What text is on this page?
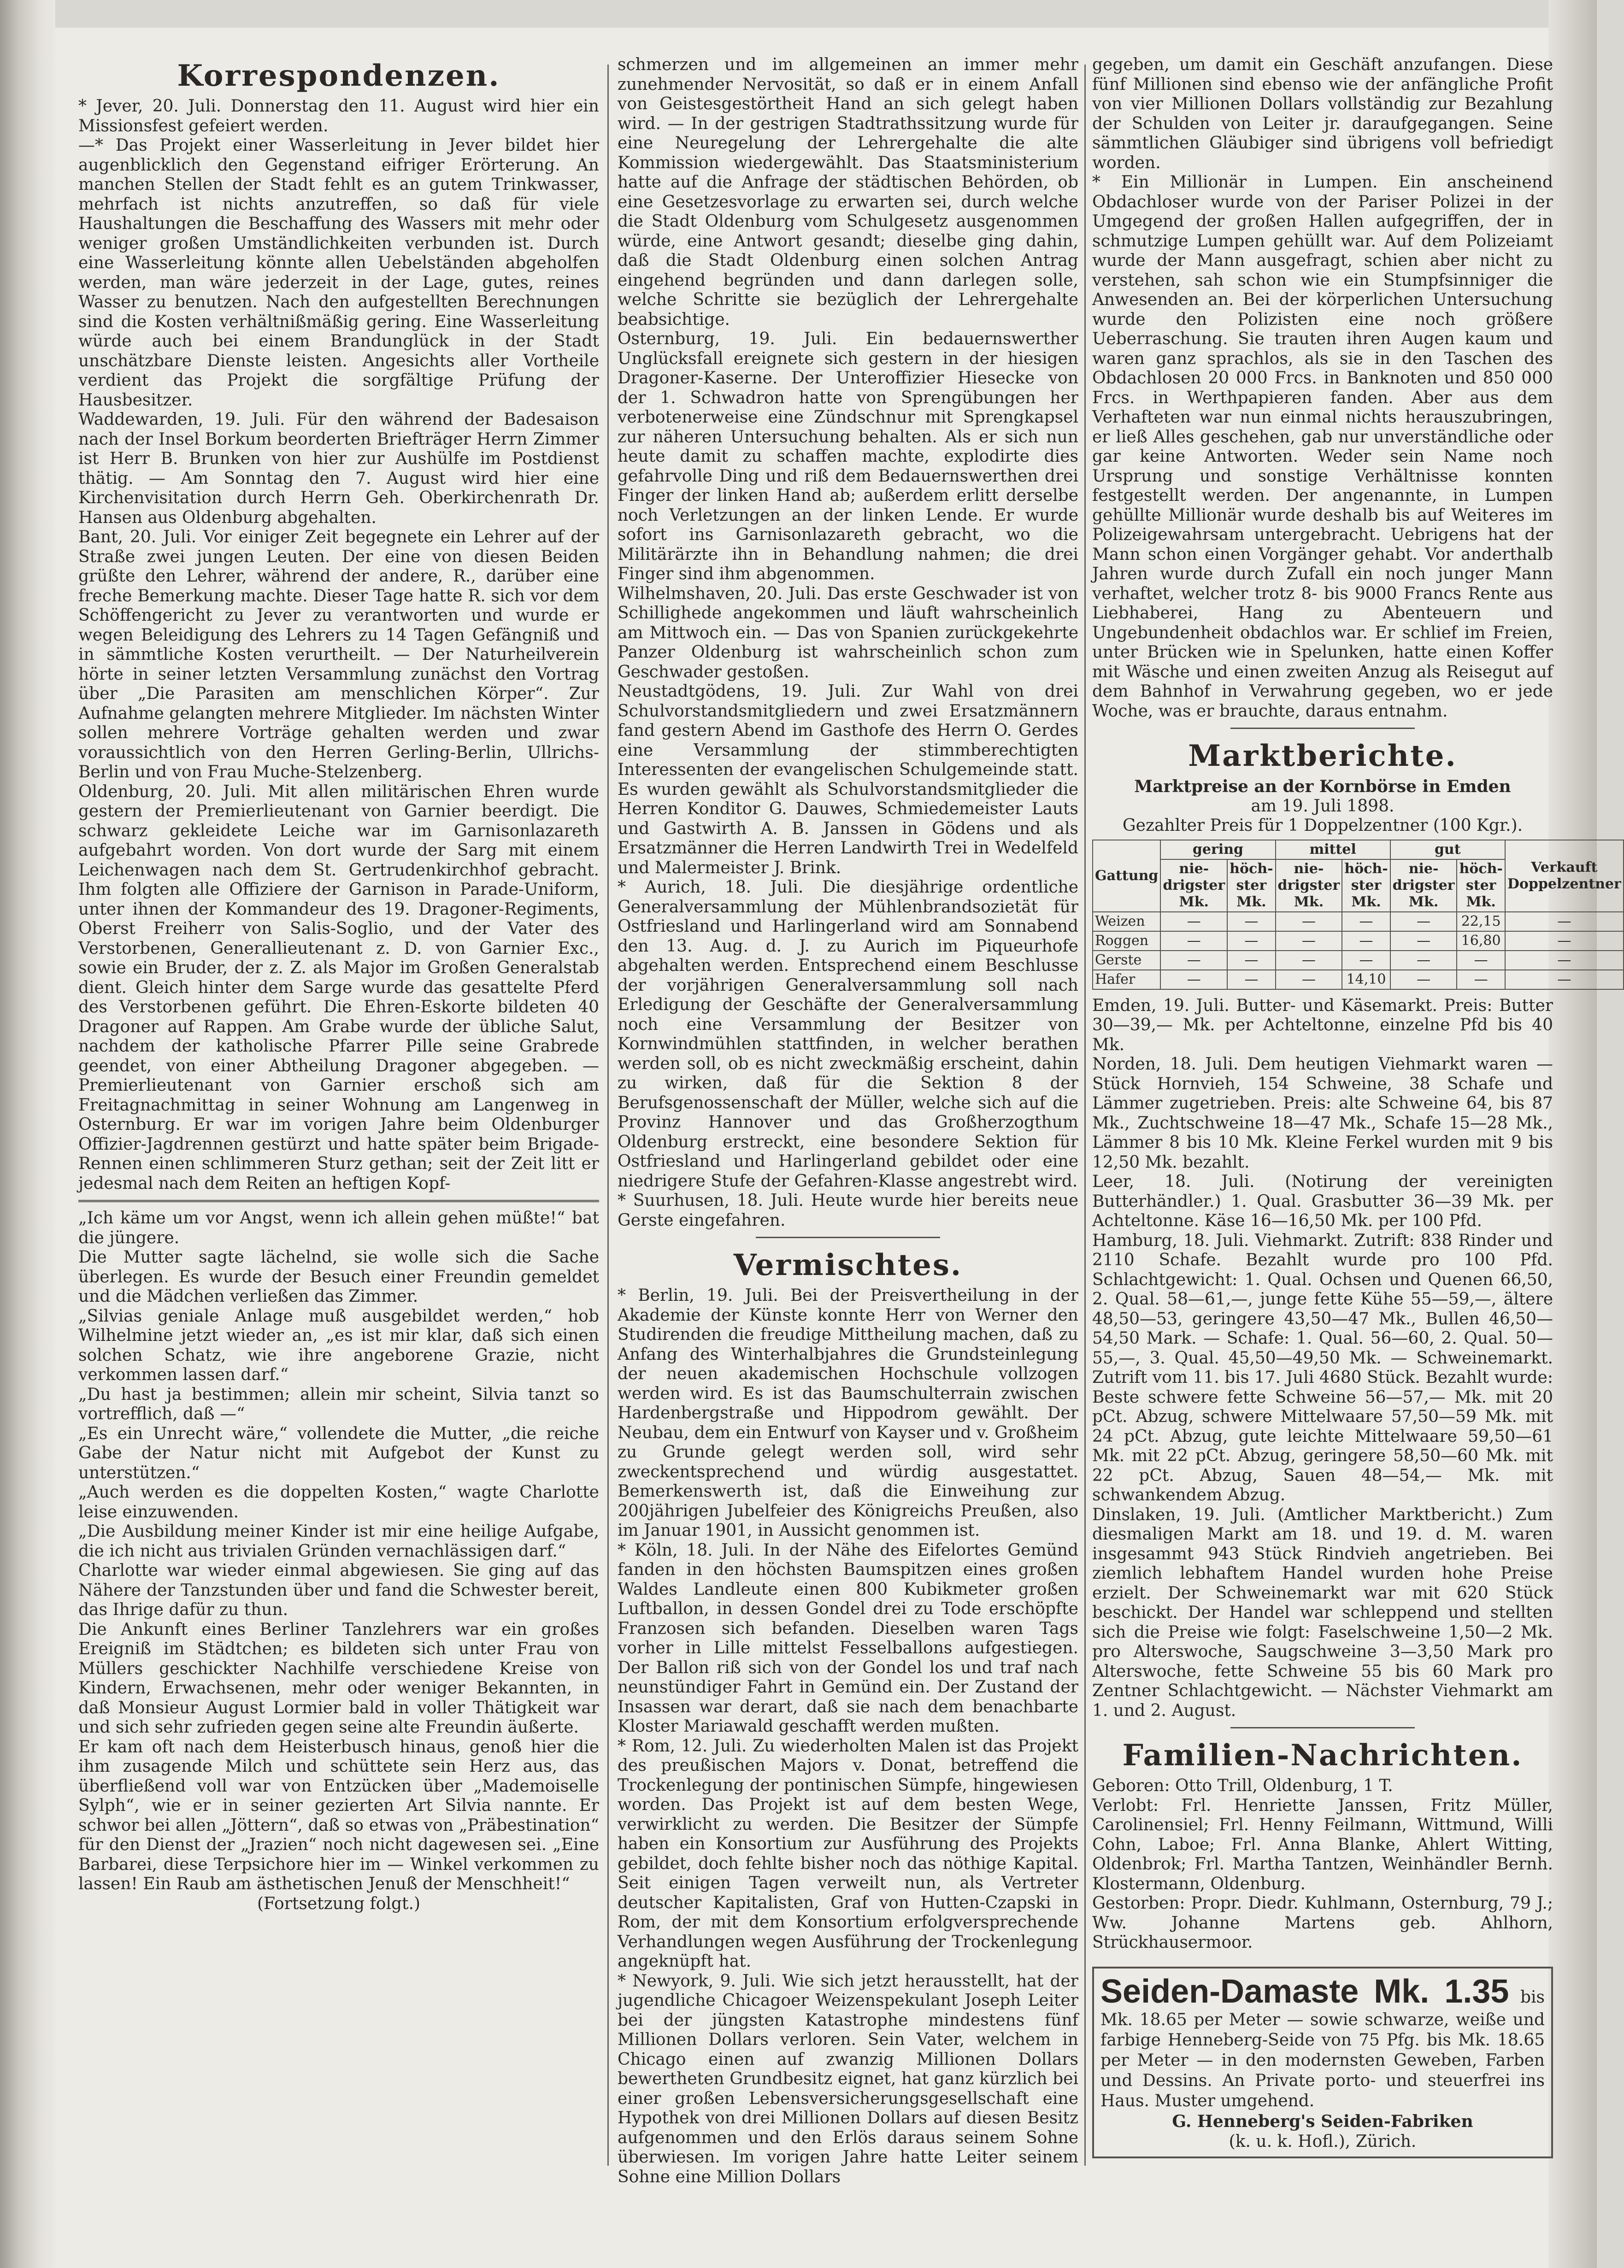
Korrespondenzen.

* Jever, 20. Juli. Donnerstag den 11. August wird hier ein Missionsfest gefeiert werden.

—* Das Projekt einer Wasserleitung in Jever bildet hier augenblicklich den Gegenstand eifriger Erörterung. An manchen Stellen der Stadt fehlt es an gutem Trinkwasser, mehrfach ist nichts anzutreffen, so daß für viele Haushaltungen die Beschaffung des Wassers mit mehr oder weniger großen Umständlichkeiten verbunden ist. Durch eine Wasserleitung könnte allen Uebelständen abgeholfen werden, man wäre jederzeit in der Lage, gutes, reines Wasser zu benutzen. Nach den aufgestellten Berechnungen sind die Kosten verhältnißmäßig gering. Eine Wasserleitung würde auch bei einem Brandunglück in der Stadt unschätzbare Dienste leisten. Angesichts aller Vortheile verdient das Projekt die sorgfältige Prüfung der Hausbesitzer.

Waddewarden, 19. Juli. Für den während der Badesaison nach der Insel Borkum beorderten Briefträger Herrn Zimmer ist Herr B. Brunken von hier zur Aushülfe im Postdienst thätig. — Am Sonntag den 7. August wird hier eine Kirchenvisitation durch Herrn Geh. Oberkirchenrath Dr. Hansen aus Oldenburg abgehalten.

Bant, 20. Juli. Vor einiger Zeit begegnete ein Lehrer auf der Straße zwei jungen Leuten. Der eine von diesen Beiden grüßte den Lehrer, während der andere, R., darüber eine freche Bemerkung machte. Dieser Tage hatte R. sich vor dem Schöffengericht zu Jever zu verantworten und wurde er wegen Beleidigung des Lehrers zu 14 Tagen Gefängniß und in sämmtliche Kosten verurtheilt. — Der Naturheilverein hörte in seiner letzten Versammlung zunächst den Vortrag über „Die Parasiten am menschlichen Körper“. Zur Aufnahme gelangten mehrere Mitglieder. Im nächsten Winter sollen mehrere Vorträge gehalten werden und zwar voraussichtlich von den Herren Gerling-Berlin, Ullrichs-Berlin und von Frau Muche-Stelzenberg.

Oldenburg, 20. Juli. Mit allen militärischen Ehren wurde gestern der Premierlieutenant von Garnier beerdigt. Die schwarz gekleidete Leiche war im Garnisonlazareth aufgebahrt worden. Von dort wurde der Sarg mit einem Leichenwagen nach dem St. Gertrudenkirchhof gebracht. Ihm folgten alle Offiziere der Garnison in Parade-Uniform, unter ihnen der Kommandeur des 19. Dragoner-Regiments, Oberst Freiherr von Salis-Soglio, und der Vater des Verstorbenen, Generallieutenant z. D. von Garnier Exc., sowie ein Bruder, der z. Z. als Major im Großen Generalstab dient. Gleich hinter dem Sarge wurde das gesattelte Pferd des Verstorbenen geführt. Die Ehren-Eskorte bildeten 40 Dragoner auf Rappen. Am Grabe wurde der übliche Salut, nachdem der katholische Pfarrer Pille seine Grabrede geendet, von einer Abtheilung Dragoner abgegeben. — Premierlieutenant von Garnier erschoß sich am Freitagnachmittag in seiner Wohnung am Langenweg in Osternburg. Er war im vorigen Jahre beim Oldenburger Offizier-Jagdrennen gestürzt und hatte später beim Brigade-Rennen einen schlimmeren Sturz gethan; seit der Zeit litt er jedesmal nach dem Reiten an heftigen Kopf-

„Ich käme um vor Angst, wenn ich allein gehen müßte!“ bat die jüngere.

Die Mutter sagte lächelnd, sie wolle sich die Sache überlegen. Es wurde der Besuch einer Freundin gemeldet und die Mädchen verließen das Zimmer.

„Silvias geniale Anlage muß ausgebildet werden,“ hob Wilhelmine jetzt wieder an, „es ist mir klar, daß sich einen solchen Schatz, wie ihre angeborene Grazie, nicht verkommen lassen darf.“

„Du hast ja bestimmen; allein mir scheint, Silvia tanzt so vortrefflich, daß —“

„Es ein Unrecht wäre,“ vollendete die Mutter, „die reiche Gabe der Natur nicht mit Aufgebot der Kunst zu unterstützen.“

„Auch werden es die doppelten Kosten,“ wagte Charlotte leise einzuwenden.

„Die Ausbildung meiner Kinder ist mir eine heilige Aufgabe, die ich nicht aus trivialen Gründen vernachlässigen darf.“

Charlotte war wieder einmal abgewiesen. Sie ging auf das Nähere der Tanzstunden über und fand die Schwester bereit, das Ihrige dafür zu thun.

Die Ankunft eines Berliner Tanzlehrers war ein großes Ereigniß im Städtchen; es bildeten sich unter Frau von Müllers geschickter Nachhilfe verschiedene Kreise von Kindern, Erwachsenen, mehr oder weniger Bekannten, in daß Monsieur August Lormier bald in voller Thätigkeit war und sich sehr zufrieden gegen seine alte Freundin äußerte.

Er kam oft nach dem Heisterbusch hinaus, genoß hier die ihm zusagende Milch und schüttete sein Herz aus, das überfließend voll war von Entzücken über „Mademoiselle Sylph“, wie er in seiner gezierten Art Silvia nannte. Er schwor bei allen „Jöttern“, daß so etwas von „Präbestination“ für den Dienst der „Jrazien“ noch nicht dagewesen sei. „Eine Barbarei, diese Terpsichore hier im — Winkel verkommen zu lassen! Ein Raub am ästhetischen Jenuß der Menschheit!“

(Fortsetzung folgt.)

schmerzen und im allgemeinen an immer mehr zunehmender Nervosität, so daß er in einem Anfall von Geistesgestörtheit Hand an sich gelegt haben wird. — In der gestrigen Stadtrathssitzung wurde für eine Neuregelung der Lehrergehalte die alte Kommission wiedergewählt. Das Staatsministerium hatte auf die Anfrage der städtischen Behörden, ob eine Gesetzesvorlage zu erwarten sei, durch welche die Stadt Oldenburg vom Schulgesetz ausgenommen würde, eine Antwort gesandt; dieselbe ging dahin, daß die Stadt Oldenburg einen solchen Antrag eingehend begründen und dann darlegen solle, welche Schritte sie bezüglich der Lehrergehalte beabsichtige.

Osternburg, 19. Juli. Ein bedauernswerther Unglücksfall ereignete sich gestern in der hiesigen Dragoner-Kaserne. Der Unteroffizier Hiesecke von der 1. Schwadron hatte von Sprengübungen her verbotenerweise eine Zündschnur mit Sprengkapsel zur näheren Untersuchung behalten. Als er sich nun heute damit zu schaffen machte, explodirte dies gefahrvolle Ding und riß dem Bedauernswerthen drei Finger der linken Hand ab; außerdem erlitt derselbe noch Verletzungen an der linken Lende. Er wurde sofort ins Garnisonlazareth gebracht, wo die Militärärzte ihn in Behandlung nahmen; die drei Finger sind ihm abgenommen.

Wilhelmshaven, 20. Juli. Das erste Geschwader ist von Schillighede angekommen und läuft wahrscheinlich am Mittwoch ein. — Das von Spanien zurückgekehrte Panzer Oldenburg ist wahrscheinlich schon zum Geschwader gestoßen.

Neustadtgödens, 19. Juli. Zur Wahl von drei Schulvorstandsmitgliedern und zwei Ersatzmännern fand gestern Abend im Gasthofe des Herrn O. Gerdes eine Versammlung der stimmberechtigten Interessenten der evangelischen Schulgemeinde statt. Es wurden gewählt als Schulvorstandsmitglieder die Herren Konditor G. Dauwes, Schmiedemeister Lauts und Gastwirth A. B. Janssen in Gödens und als Ersatzmänner die Herren Landwirth Trei in Wedelfeld und Malermeister J. Brink.

* Aurich, 18. Juli. Die diesjährige ordentliche Generalversammlung der Mühlenbrandsozietät für Ostfriesland und Harlingerland wird am Sonnabend den 13. Aug. d. J. zu Aurich im Piqueurhofe abgehalten werden. Entsprechend einem Beschlusse der vorjährigen Generalversammlung soll nach Erledigung der Geschäfte der Generalversammlung noch eine Versammlung der Besitzer von Kornwindmühlen stattfinden, in welcher berathen werden soll, ob es nicht zweckmäßig erscheint, dahin zu wirken, daß für die Sektion 8 der Berufsgenossenschaft der Müller, welche sich auf die Provinz Hannover und das Großherzogthum Oldenburg erstreckt, eine besondere Sektion für Ostfriesland und Harlingerland gebildet oder eine niedrigere Stufe der Gefahren-Klasse angestrebt wird.

* Suurhusen, 18. Juli. Heute wurde hier bereits neue Gerste eingefahren.

Vermischtes.

* Berlin, 19. Juli. Bei der Preisvertheilung in der Akademie der Künste konnte Herr von Werner den Studirenden die freudige Mittheilung machen, daß zu Anfang des Winterhalbjahres die Grundsteinlegung der neuen akademischen Hochschule vollzogen werden wird. Es ist das Baumschulterrain zwischen Hardenbergstraße und Hippodrom gewählt. Der Neubau, dem ein Entwurf von Kayser und v. Großheim zu Grunde gelegt werden soll, wird sehr zweckentsprechend und würdig ausgestattet. Bemerkenswerth ist, daß die Einweihung zur 200jährigen Jubelfeier des Königreichs Preußen, also im Januar 1901, in Aussicht genommen ist.

* Köln, 18. Juli. In der Nähe des Eifelortes Gemünd fanden in den höchsten Baumspitzen eines großen Waldes Landleute einen 800 Kubikmeter großen Luftballon, in dessen Gondel drei zu Tode erschöpfte Franzosen sich befanden. Dieselben waren Tags vorher in Lille mittelst Fesselballons aufgestiegen. Der Ballon riß sich von der Gondel los und traf nach neunstündiger Fahrt in Gemünd ein. Der Zustand der Insassen war derart, daß sie nach dem benachbarte Kloster Mariawald geschafft werden mußten.

* Rom, 12. Juli. Zu wiederholten Malen ist das Projekt des preußischen Majors v. Donat, betreffend die Trockenlegung der pontinischen Sümpfe, hingewiesen worden. Das Projekt ist auf dem besten Wege, verwirklicht zu werden. Die Besitzer der Sümpfe haben ein Konsortium zur Ausführung des Projekts gebildet, doch fehlte bisher noch das nöthige Kapital. Seit einigen Tagen verweilt nun, als Vertreter deutscher Kapitalisten, Graf von Hutten-Czapski in Rom, der mit dem Konsortium erfolgversprechende Verhandlungen wegen Ausführung der Trockenlegung angeknüpft hat.

* Newyork, 9. Juli. Wie sich jetzt herausstellt, hat der jugendliche Chicagoer Weizenspekulant Joseph Leiter bei der jüngsten Katastrophe mindestens fünf Millionen Dollars verloren. Sein Vater, welchem in Chicago einen auf zwanzig Millionen Dollars bewertheten Grundbesitz eignet, hat ganz kürzlich bei einer großen Lebensversicherungsgesellschaft eine Hypothek von drei Millionen Dollars auf diesen Besitz aufgenommen und den Erlös daraus seinem Sohne überwiesen. Im vorigen Jahre hatte Leiter seinem Sohne eine Million Dollars

gegeben, um damit ein Geschäft anzufangen. Diese fünf Millionen sind ebenso wie der anfängliche Profit von vier Millionen Dollars vollständig zur Bezahlung der Schulden von Leiter jr. daraufgegangen. Seine sämmtlichen Gläubiger sind übrigens voll befriedigt worden.

* Ein Millionär in Lumpen. Ein anscheinend Obdachloser wurde von der Pariser Polizei in der Umgegend der großen Hallen aufgegriffen, der in schmutzige Lumpen gehüllt war. Auf dem Polizeiamt wurde der Mann ausgefragt, schien aber nicht zu verstehen, sah schon wie ein Stumpfsinniger die Anwesenden an. Bei der körperlichen Untersuchung wurde den Polizisten eine noch größere Ueberraschung. Sie trauten ihren Augen kaum und waren ganz sprachlos, als sie in den Taschen des Obdachlosen 20 000 Frcs. in Banknoten und 850 000 Frcs. in Werthpapieren fanden. Aber aus dem Verhafteten war nun einmal nichts herauszubringen, er ließ Alles geschehen, gab nur unverständliche oder gar keine Antworten. Weder sein Name noch Ursprung und sonstige Verhältnisse konnten festgestellt werden. Der angenannte, in Lumpen gehüllte Millionär wurde deshalb bis auf Weiteres im Polizeigewahrsam untergebracht. Uebrigens hat der Mann schon einen Vorgänger gehabt. Vor anderthalb Jahren wurde durch Zufall ein noch junger Mann verhaftet, welcher trotz 8- bis 9000 Francs Rente aus Liebhaberei, Hang zu Abenteuern und Ungebundenheit obdachlos war. Er schlief im Freien, unter Brücken wie in Spelunken, hatte einen Koffer mit Wäsche und einen zweiten Anzug als Reisegut auf dem Bahnhof in Verwahrung gegeben, wo er jede Woche, was er brauchte, daraus entnahm.

Marktberichte.

Marktpreise an der Kornbörse in Emden

am 19. Juli 1898.

Gezahlter Preis für 1 Doppelzentner (100 Kgr.).

Gattung	gering		mittel		gut		Verkauft Doppelzentner
	nie-drigster Mk.	höch-ster Mk.	nie-drigster Mk.	höch-ster Mk.	nie-drigster Mk.	höch-ster Mk.	
Weizen	—	—	—	—	—	22,15	—
Roggen	—	—	—	—	—	16,80	—
Gerste	—	—	—	—	—	—	—
Hafer	—	—	—	14,10	—	—	—

Emden, 19. Juli. Butter- und Käsemarkt. Preis: Butter 30—39,— Mk. per Achteltonne, einzelne Pfd bis 40 Mk.

Norden, 18. Juli. Dem heutigen Viehmarkt waren — Stück Hornvieh, 154 Schweine, 38 Schafe und Lämmer zugetrieben. Preis: alte Schweine 64, bis 87 Mk., Zuchtschweine 18—47 Mk., Schafe 15—28 Mk., Lämmer 8 bis 10 Mk. Kleine Ferkel wurden mit 9 bis 12,50 Mk. bezahlt.

Leer, 18. Juli. (Notirung der vereinigten Butterhändler.) 1. Qual. Grasbutter 36—39 Mk. per Achteltonne. Käse 16—16,50 Mk. per 100 Pfd.

Hamburg, 18. Juli. Viehmarkt. Zutrift: 838 Rinder und 2110 Schafe. Bezahlt wurde pro 100 Pfd. Schlachtgewicht: 1. Qual. Ochsen und Quenen 66,50, 2. Qual. 58—61,—, junge fette Kühe 55—59,—, ältere 48,50—53, geringere 43,50—47 Mk., Bullen 46,50—54,50 Mark. — Schafe: 1. Qual. 56—60, 2. Qual. 50—55,—, 3. Qual. 45,50—49,50 Mk. — Schweinemarkt. Zutrift vom 11. bis 17. Juli 4680 Stück. Bezahlt wurde: Beste schwere fette Schweine 56—57,— Mk. mit 20 pCt. Abzug, schwere Mittelwaare 57,50—59 Mk. mit 24 pCt. Abzug, gute leichte Mittelwaare 59,50—61 Mk. mit 22 pCt. Abzug, geringere 58,50—60 Mk. mit 22 pCt. Abzug, Sauen 48—54,— Mk. mit schwankendem Abzug.

Dinslaken, 19. Juli. (Amtlicher Marktbericht.) Zum diesmaligen Markt am 18. und 19. d. M. waren insgesammt 943 Stück Rindvieh angetrieben. Bei ziemlich lebhaftem Handel wurden hohe Preise erzielt. Der Schweinemarkt war mit 620 Stück beschickt. Der Handel war schleppend und stellten sich die Preise wie folgt: Faselschweine 1,50—2 Mk. pro Alterswoche, Saugschweine 3—3,50 Mark pro Alterswoche, fette Schweine 55 bis 60 Mark pro Zentner Schlachtgewicht. — Nächster Viehmarkt am 1. und 2. August.

Familien-Nachrichten.

Geboren: Otto Trill, Oldenburg, 1 T.

Verlobt: Frl. Henriette Janssen, Fritz Müller, Carolinensiel; Frl. Henny Feilmann, Wittmund, Willi Cohn, Laboe; Frl. Anna Blanke, Ahlert Witting, Oldenbrok; Frl. Martha Tantzen, Weinhändler Bernh. Klostermann, Oldenburg.

Gestorben: Propr. Diedr. Kuhlmann, Osternburg, 79 J.; Ww. Johanne Martens geb. Ahlhorn, Strückhausermoor.

Seiden-Damaste Mk. 1.35 bis Mk. 18.65 per Meter — sowie schwarze, weiße und farbige Henneberg-Seide von 75 Pfg. bis Mk. 18.65 per Meter — in den modernsten Geweben, Farben und Dessins. An Private porto- und steuerfrei ins Haus. Muster umgehend.
G. Henneberg's Seiden-Fabriken
(k. u. k. Hofl.), Zürich.
